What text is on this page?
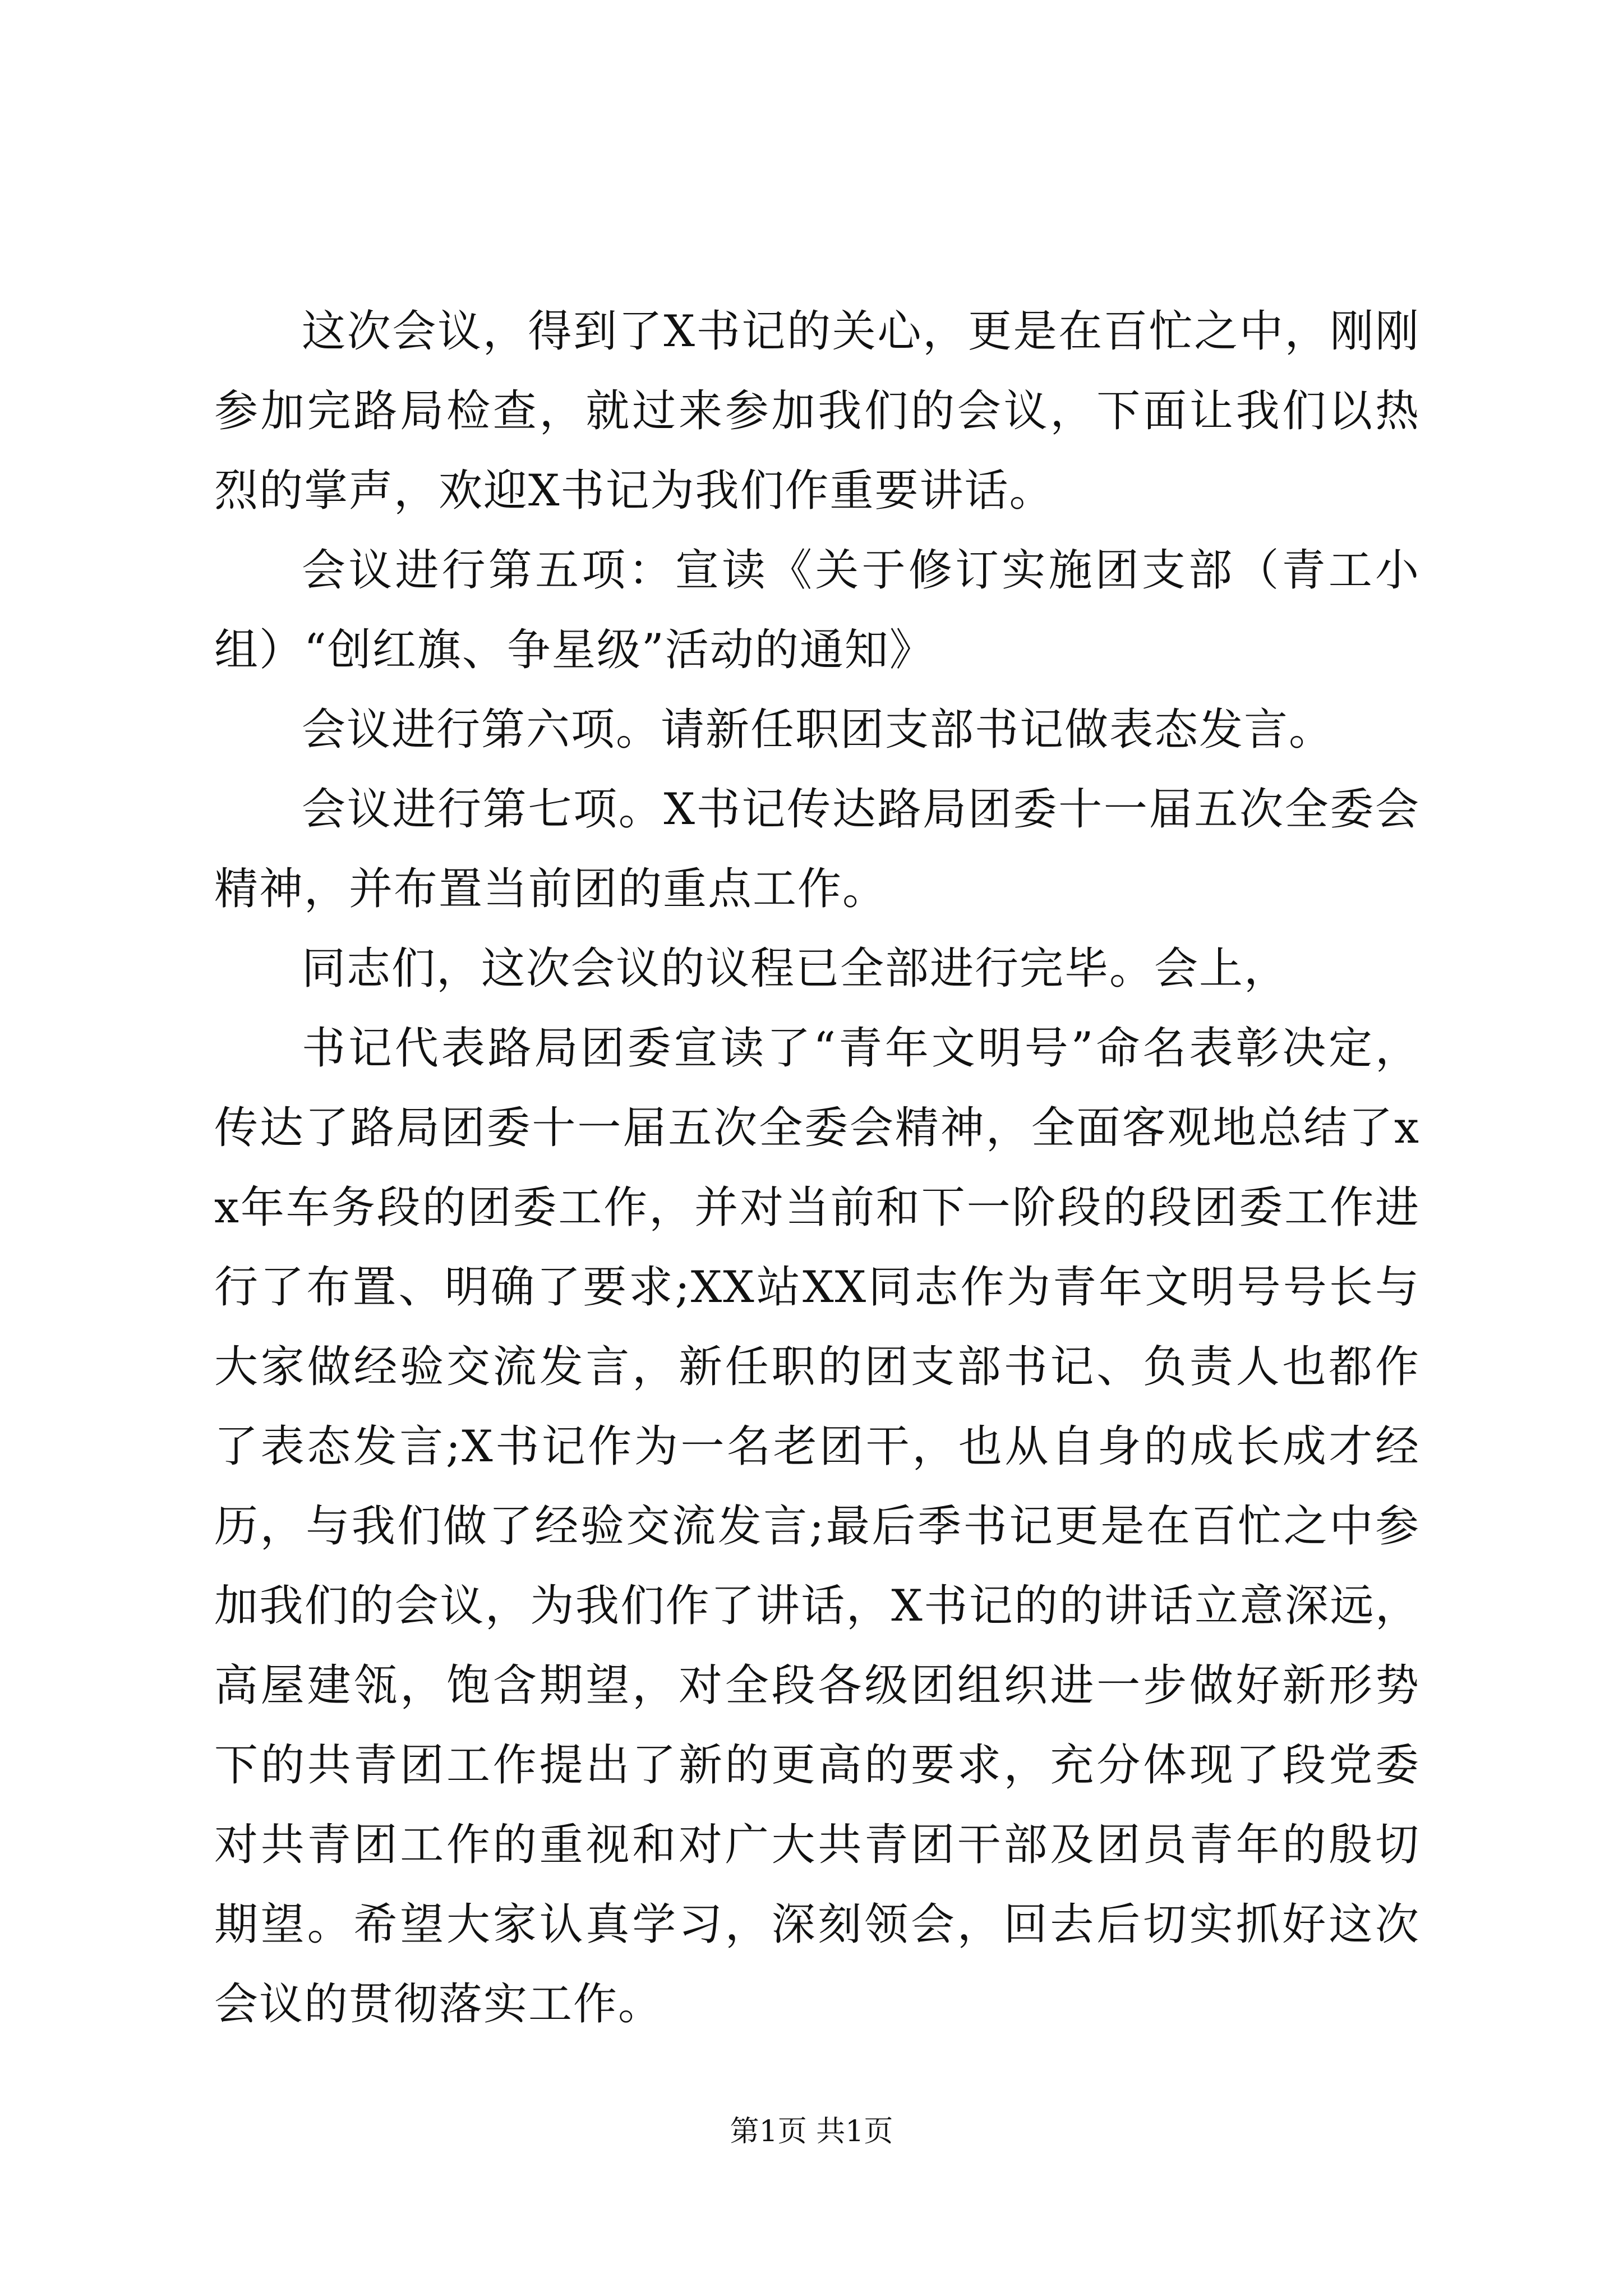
这次会议，得到了X书记的关心，更是在百忙之中，刚刚参加完路局检查，就过来参加我们的会议，下面让我们以热烈的掌声，欢迎X书记为我们作重要讲话。

会议进行第五项：宣读《关于修订实施团支部（青工小组）“创红旗、争星级”活动的通知》

会议进行第六项。请新任职团支部书记做表态发言。

会议进行第七项。X书记传达路局团委十一届五次全委会精神，并布置当前团的重点工作。

同志们，这次会议的议程已全部进行完毕。会上，

书记代表路局团委宣读了“青年文明号”命名表彰决定，传达了路局团委十一届五次全委会精神，全面客观地总结了xx年车务段的团委工作，并对当前和下一阶段的段团委工作进行了布置、明确了要求;XX站XX同志作为青年文明号号长与大家做经验交流发言，新任职的团支部书记、负责人也都作了表态发言;X书记作为一名老团干，也从自身的成长成才经历，与我们做了经验交流发言;最后季书记更是在百忙之中参加我们的会议，为我们作了讲话，X书记的的讲话立意深远，高屋建瓴，饱含期望，对全段各级团组织进一步做好新形势下的共青团工作提出了新的更高的要求，充分体现了段党委对共青团工作的重视和对广大共青团干部及团员青年的殷切期望。希望大家认真学习，深刻领会，回去后切实抓好这次会议的贯彻落实工作。

第1页 共1页
